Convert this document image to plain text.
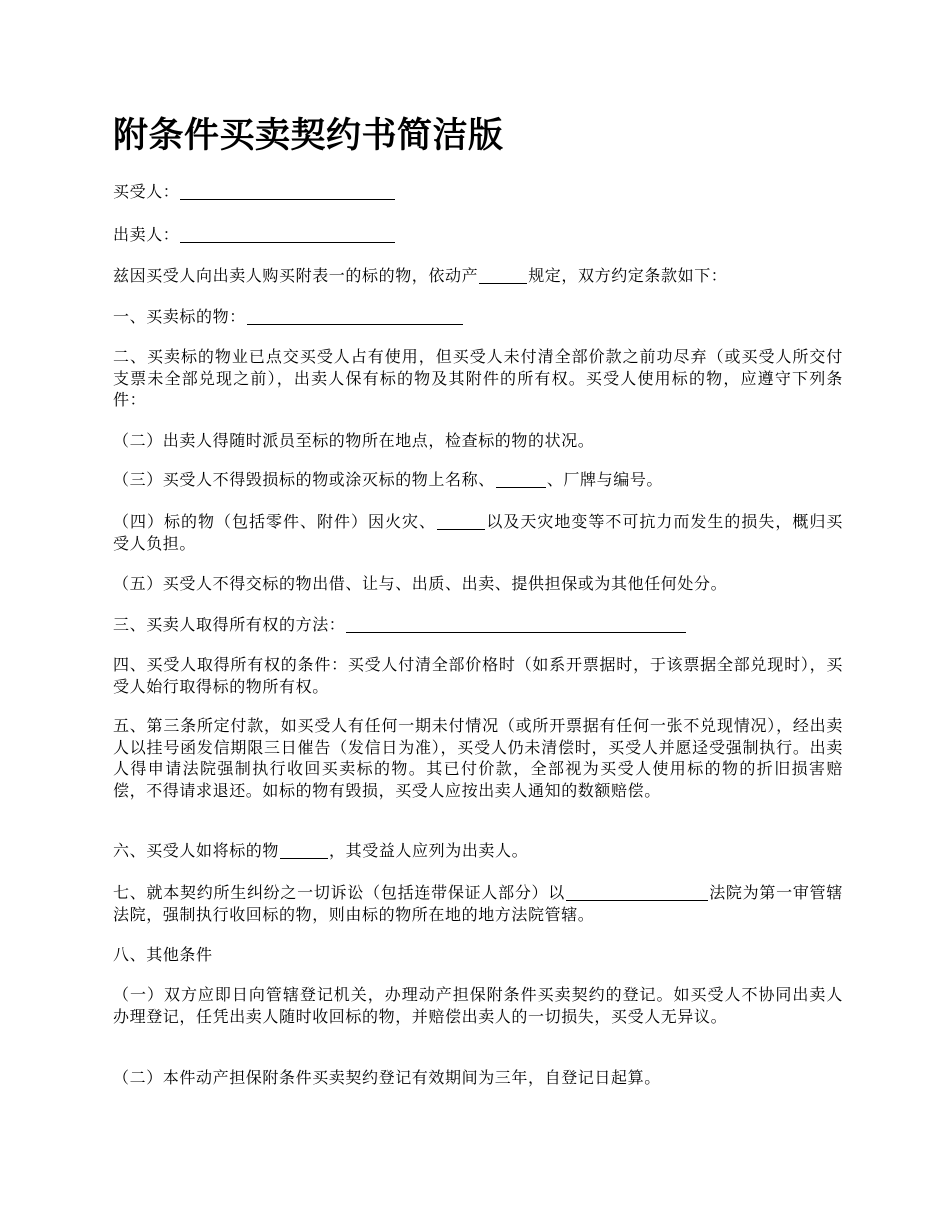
附条件买卖契约书简洁版
买受人：
出卖人：
兹因买受人向出卖人购买附表一的标的物，依动产	规定，双方约定条款如下：
一、买卖标的物：
二、买卖标的物业已点交买受人占有使用，但买受人未付清全部价款之前功尽弃（或买受人所交付支票未全部兑现之前），出卖人保有标的物及其附件的所有权。买受人使用标的物，应遵守下列条件：
（二）出卖人得随时派员至标的物所在地点，检查标的物的状况。
（三）买受人不得毁损标的物或涂灭标的物上名称、	、厂牌与编号。
（四）标的物（包括零件、附件）因火灾、	以及天灾地变等不可抗力而发生的损失，概归买受人负担。
（五）买受人不得交标的物出借、让与、出质、出卖、提供担保或为其他任何处分。
三、买卖人取得所有权的方法：
四、买受人取得所有权的条件：买受人付清全部价格时（如系开票据时，于该票据全部兑现时），买受人始行取得标的物所有权。
五、第三条所定付款，如买受人有任何一期未付情况（或所开票据有任何一张不兑现情况），经出卖人以挂号函发信期限三日催告（发信日为准），买受人仍未清偿时，买受人并愿迳受强制执行。出卖人得申请法院强制执行收回买卖标的物。其已付价款，全部视为买受人使用标的物的折旧损害赔偿，不得请求退还。如标的物有毁损，买受人应按出卖人通知的数额赔偿。
六、买受人如将标的物	，其受益人应列为出卖人。
七、就本契约所生纠纷之一切诉讼（包括连带保证人部分）以	法院为第一审管辖法院，强制执行收回标的物，则由标的物所在地的地方法院管辖。
八、其他条件
（一）双方应即日向管辖登记机关，办理动产担保附条件买卖契约的登记。如买受人不协同出卖人办理登记，任凭出卖人随时收回标的物，并赔偿出卖人的一切损失，买受人无异议。
（二）本件动产担保附条件买卖契约登记有效期间为三年，自登记日起算。
